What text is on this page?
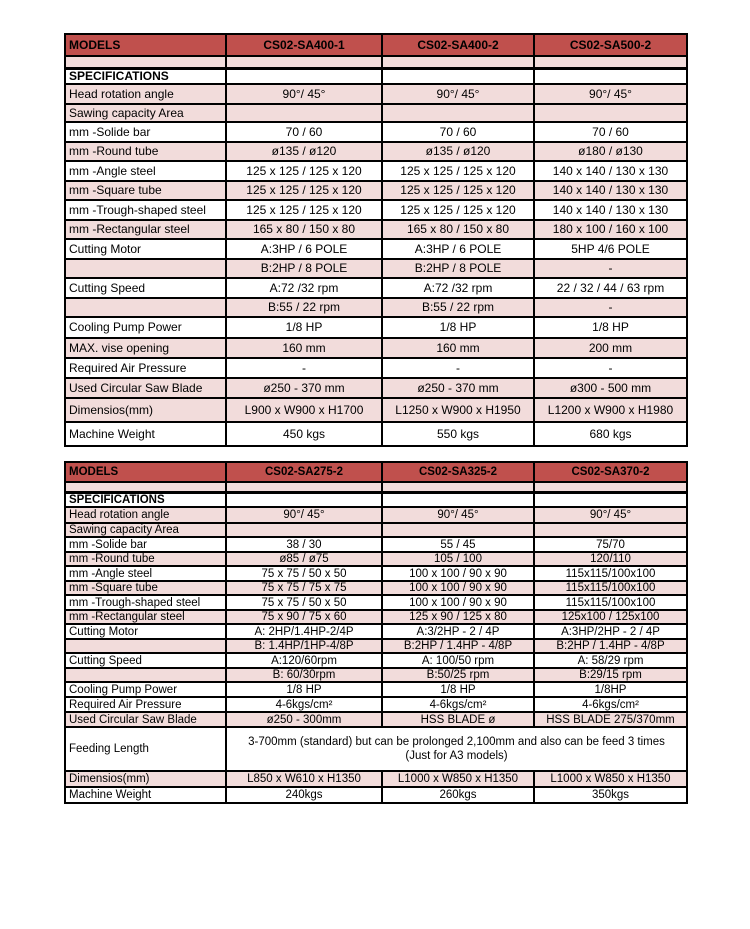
MODELS	CS02-SA400-1	CS02-SA400-2	CS02-SA500-2

SPECIFICATIONS			
Head rotation angle	90°/ 45°	90°/ 45°	90°/ 45°
Sawing capacity Area			
mm -Solide bar	70 / 60	70 / 60	70 / 60
mm -Round tube	ø135 / ø120	ø135 / ø120	ø180 / ø130
mm -Angle steel	125 x 125 / 125 x 120	125 x 125 / 125 x 120	140 x 140 / 130 x 130
mm -Square tube	125 x 125 / 125 x 120	125 x 125 / 125 x 120	140 x 140 / 130 x 130
mm -Trough-shaped steel	125 x 125 / 125 x 120	125 x 125 / 125 x 120	140 x 140 / 130 x 130
mm -Rectangular steel	165 x 80 / 150 x 80	165 x 80 / 150 x 80	180 x 100 / 160 x 100
Cutting Motor	A:3HP / 6 POLE	A:3HP / 6 POLE	5HP 4/6 POLE
	B:2HP / 8 POLE	B:2HP / 8 POLE	-
Cutting Speed	A:72 /32 rpm	A:72 /32 rpm	22 / 32 / 44 / 63 rpm
	B:55 / 22 rpm	B:55 / 22 rpm	-
Cooling Pump Power	1/8 HP	1/8 HP	1/8 HP
MAX. vise opening	160 mm	160 mm	200 mm
Required Air Pressure	-	-	-
Used Circular Saw Blade	ø250 - 370 mm	ø250 - 370 mm	ø300 - 500 mm
Dimensios(mm)	L900 x W900 x H1700	L1250 x W900 x H1950	L1200 x W900 x H1980
Machine Weight	450 kgs	550 kgs	680 kgs
MODELS	CS02-SA275-2	CS02-SA325-2	CS02-SA370-2

SPECIFICATIONS			
Head rotation angle	90°/ 45°	90°/ 45°	90°/ 45°
Sawing capacity Area			
mm -Solide bar	38 / 30	55 / 45	75/70
mm -Round tube	ø85 / ø75	105 / 100	120/110
mm -Angle steel	75 x 75 / 50 x 50	100 x 100 / 90 x 90	115x115/100x100
mm -Square tube	75 x 75 / 75 x 75	100 x 100 / 90 x 90	115x115/100x100
mm -Trough-shaped steel	75 x 75 / 50 x 50	100 x 100 / 90 x 90	115x115/100x100
mm -Rectangular steel	75 x 90 / 75 x 60	125 x 90 / 125 x 80	125x100 / 125x100
Cutting Motor	A: 2HP/1.4HP-2/4P	A:3/2HP - 2 / 4P	A:3HP/2HP - 2 / 4P
	B: 1.4HP/1HP-4/8P	B:2HP / 1.4HP - 4/8P	B:2HP / 1.4HP - 4/8P
Cutting Speed	A:120/60rpm	A: 100/50 rpm	A: 58/29 rpm
	B: 60/30rpm	B:50/25 rpm	B:29/15 rpm
Cooling Pump Power	1/8 HP	1/8 HP	1/8HP
Required Air Pressure	4-6kgs/cm²	4-6kgs/cm²	4-6kgs/cm²
Used Circular Saw Blade	ø250 - 300mm	HSS BLADE ø	HSS BLADE 275/370mm
Feeding Length	3-700mm (standard) but can be prolonged 2,100mm and also can be feed 3 times (Just for A3 models)		
Dimensios(mm)	L850 x W610 x H1350	L1000 x W850 x H1350	L1000 x W850 x H1350
Machine Weight	240kgs	260kgs	350kgs
